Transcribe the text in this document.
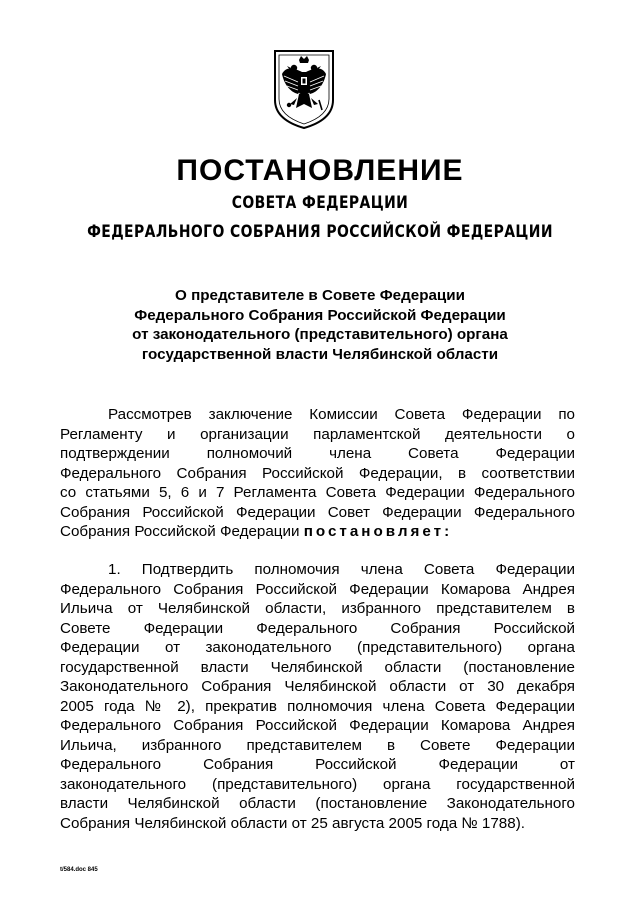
ПОСТАНОВЛЕНИЕ
СОВЕТА ФЕДЕРАЦИИ
ФЕДЕРАЛЬНОГО СОБРАНИЯ РОССИЙСКОЙ ФЕДЕРАЦИИ
О представителе в Совете Федерации
Федерального Собрания Российской Федерации
от законодательного (представительного) органа
государственной власти Челябинской области
Рассмотрев заключение Комиссии Совета Федерации по
Регламенту и организации парламентской деятельности о
подтверждении полномочий члена Совета Федерации
Федерального Собрания Российской Федерации, в соответствии
со статьями 5, 6 и 7 Регламента Совета Федерации Федерального
Собрания Российской Федерации Совет Федерации Федерального
Собрания Российской Федерации постановляет:
1. Подтвердить полномочия члена Совета Федерации
Федерального Собрания Российской Федерации Комарова Андрея
Ильича от Челябинской области, избранного представителем в
Совете Федерации Федерального Собрания Российской
Федерации от законодательного (представительного) органа
государственной власти Челябинской области (постановление
Законодательного Собрания Челябинской области от 30 декабря
2005 года № 2), прекратив полномочия члена Совета Федерации
Федерального Собрания Российской Федерации Комарова Андрея
Ильича, избранного представителем в Совете Федерации
Федерального Собрания Российской Федерации от
законодательного (представительного) органа государственной
власти Челябинской области (постановление Законодательного
Собрания Челябинской области от 25 августа 2005 года № 1788).
t/584.doc 845
